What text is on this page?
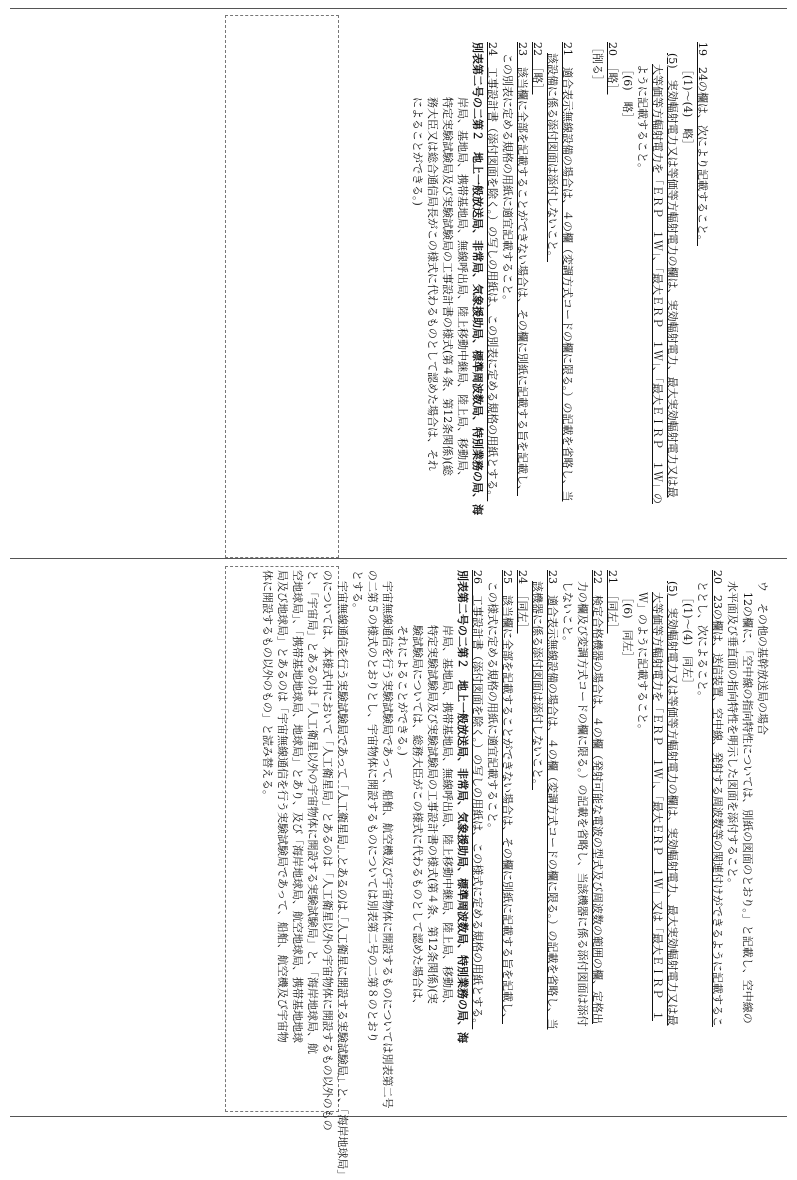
19　24の欄は、次により記載すること。
［(1)〜(4)　略］
(5)　実効輻射電力又は等価等方輻射電力の欄は、実効輻射電力、最大実効輻射電力又は最
大等価等方輻射電力を「ＥＲＰ　１Ｗ」、「最大ＥＲＰ　１Ｗ」、「最大ＥＩＲＰ　１Ｗ」の
ように記載すること。
［(6)　略］
20　［略］
［削る］
21　適合表示無線設備の場合は、４の欄（変調方式コードの欄に限る。）の記載を省略し、当
該設備に係る添付図面は添付しないこと。
22　［略］
23　該当欄に全部を記載することができない場合は、その欄に別紙に記載する旨を記載し、
この別表に定める規格の用紙に適宜記載すること。
24　工事設計書（添付図面を除く。）の写しの用紙は、この別表に定める規格の用紙とする。
別表第二号の二第２　地上一般放送局、非常局、気象援助局、標準周波数局、特別業務の局、海
岸局、基地局、携帯基地局、無線呼出局、陸上移動中継局、陸上局、移動局、
特定実験試験局及び実験試験局の工事設計書の様式(第４条、第12条関係)(総
務大臣又は総合通信局長がこの様式に代わるものとして認めた場合は、それ
によることができる。)
ウ　その他の基幹放送局の場合
12の欄に、「空中線の指向特性については、別紙の図面のとおり。」と記載し、空中線の
水平面及び垂直面の指向特性を明示した図面を添付すること。
20　23の欄は、送信装置、空中線、発射する周波数等の関連付けができるように記載するこ
ととし、次によること。
［(1)〜(4)　同左］
(5)　実効輻射電力又は等価等方輻射電力の欄は、実効輻射電力、最大実効輻射電力又は最
大等価等方輻射電力を「ＥＲＰ　１Ｗ」、「最大ＥＲＰ　１Ｗ」又は「最大ＥＩＲＰ　１
Ｗ」のように記載すること。
［(6)　同左］
21　［同左］
22　検定合格機器の場合は、４の欄（発射可能な電波の型式及び周波数の範囲の欄、定格出
力の欄及び変調方式コードの欄に限る。）の記載を省略し、当該機器に係る添付図面は添付
しないこと。
23　適合表示無線設備の場合は、４の欄（変調方式コードの欄に限る。）の記載を省略し、当
該機器に係る添付図面は添付しないこと。
24　［同左］
25　該当欄に全部を記載することができない場合は、その欄に別紙に記載する旨を記載し、
この様式に定める規格の用紙に適宜記載すること。
26　工事設計書（添付図面を除く。）の写しの用紙は、この様式に定める規格の用紙とする。
別表第二号の二第２　地上一般放送局、非常局、気象援助局、標準周波数局、特別業務の局、海
岸局、基地局、携帯基地局、無線呼出局、陸上移動中継局、陸上局、移動局、
特定実験試験局及び実験試験局の工事設計書の様式(第４条、第12条関係)(実
験試験局については、総務大臣がこの様式に代わるものとして認めた場合は、
それによることができる。)
宇宙無線通信を行う実験試験局であって、船舶、航空機及び宇宙物体に開設するものについては別表第二号
の二第５の様式のとおりとし、宇宙物体に開設するものについては別表第二号の二第８のとおり
とする。
宇宙無線通信を行う実験試験局であって「人工衛星局」とあるのは「人工衛星に開設する実験試験局」と、「海岸地球局」
のについては、本様式中において「人工衛星局」とあるのは「人工衛星以外の宇宙物体に開設するもの以外のもの
と、「宇宙局」とあるのは「人工衛星以外の宇宙物体に開設する実験試験局」と、「海岸地球局、航
空地球局」、「携帯基地地球局、地球局」とあり、及び「海岸地球局、航空地球局、携帯基地地球
局及び地球局」とあるのは「宇宙無線通信を行う実験試験局であって、船舶、航空機及び宇宙物
体に開設するもの以外のもの」と読み替える。
